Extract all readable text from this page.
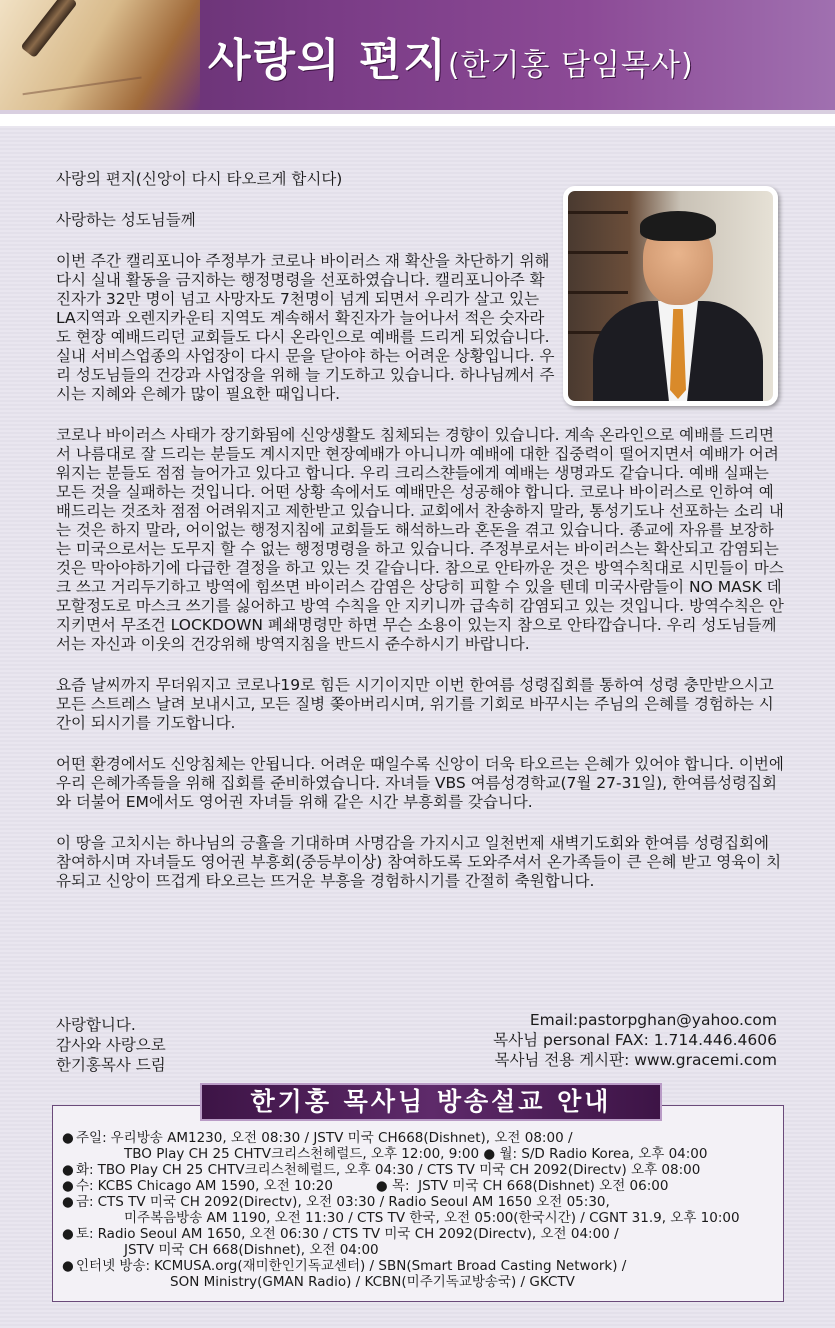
사랑의 편지(한기홍 담임목사)

사랑의 편지(신앙이 다시 타오르게 합시다)

사랑하는 성도님들께

이번 주간 캘리포니아 주정부가 코로나 바이러스 재 확산을 차단하기 위해 다시 실내 활동을 금지하는 행정명령을 선포하였습니다. 캘리포니아주 확진자가 32만 명이 넘고 사망자도 7천명이 넘게 되면서 우리가 살고 있는 LA지역과 오렌지카운티 지역도 계속해서 확진자가 늘어나서 적은 숫자라도 현장 예배드리던 교회들도 다시 온라인으로 예배를 드리게 되었습니다. 실내 서비스업종의 사업장이 다시 문을 닫아야 하는 어려운 상황입니다. 우리 성도님들의 건강과 사업장을 위해 늘 기도하고 있습니다. 하나님께서 주시는 지혜와 은혜가 많이 필요한 때입니다.

코로나 바이러스 사태가 장기화됨에 신앙생활도 침체되는 경향이 있습니다. 계속 온라인으로 예배를 드리면서 나름대로 잘 드리는 분들도 계시지만 현장예배가 아니니까 예배에 대한 집중력이 떨어지면서 예배가 어려워지는 분들도 점점 늘어가고 있다고 합니다. 우리 크리스챤들에게 예배는 생명과도 같습니다. 예배 실패는 모든 것을 실패하는 것입니다. 어떤 상황 속에서도 예배만은 성공해야 합니다. 코로나 바이러스로 인하여 예배드리는 것조차 점점 어려워지고 제한받고 있습니다. 교회에서 찬송하지 말라, 통성기도나 선포하는 소리 내는 것은 하지 말라, 어이없는 행정지침에 교회들도 해석하느라 혼돈을 겪고 있습니다. 종교에 자유를 보장하는 미국으로서는 도무지 할 수 없는 행정명령을 하고 있습니다. 주정부로서는 바이러스는 확산되고 감염되는 것은 막아야하기에 다급한 결정을 하고 있는 것 같습니다. 참으로 안타까운 것은 방역수칙대로 시민들이 마스크 쓰고 거리두기하고 방역에 힘쓰면 바이러스 감염은 상당히 피할 수 있을 텐데 미국사람들이 NO MASK 데모할정도로 마스크 쓰기를 싫어하고 방역 수칙을 안 지키니까 급속히 감염되고 있는 것입니다. 방역수칙은 안 지키면서 무조건 LOCKDOWN 폐쇄명령만 하면 무슨 소용이 있는지 참으로 안타깝습니다. 우리 성도님들께서는 자신과 이웃의 건강위해 방역지침을 반드시 준수하시기 바랍니다.

요즘 날씨까지 무더워지고 코로나19로 힘든 시기이지만 이번 한여름 성령집회를 통하여 성령 충만받으시고 모든 스트레스 날려 보내시고, 모든 질병 쫒아버리시며, 위기를 기회로 바꾸시는 주님의 은혜를 경험하는 시간이 되시기를 기도합니다.

어떤 환경에서도 신앙침체는 안됩니다. 어려운 때일수록 신앙이 더욱 타오르는 은혜가 있어야 합니다. 이번에 우리 은혜가족들을 위해 집회를 준비하였습니다. 자녀들 VBS 여름성경학교(7월 27-31일), 한여름성령집회와 더불어 EM에서도 영어권 자녀들 위해 같은 시간 부흥회를 갖습니다.

이 땅을 고치시는 하나님의 긍휼을 기대하며 사명감을 가지시고 일천번제 새벽기도회와 한여름 성령집회에 참여하시며 자녀들도 영어권 부흥회(중등부이상) 참여하도록 도와주셔서 온가족들이 큰 은혜 받고 영육이 치유되고 신앙이 뜨겁게 타오르는 뜨거운 부흥을 경험하시기를 간절히 축원합니다.

사랑합니다.
감사와 사랑으로
한기홍목사 드림
Email:pastorpghan@yahoo.com
목사님 personal FAX: 1.714.446.4606
목사님 전용 게시판: www.gracemi.com
한기홍 목사님 방송설교 안내
● 주일: 우리방송 AM1230, 오전 08:30 / JSTV 미국 CH668(Dishnet), 오전 08:00 /
TBO Play CH 25 CHTV크리스천헤럴드, 오후 12:00, 9:00 ● 월: S/D Radio Korea, 오후 04:00
● 화: TBO Play CH 25 CHTV크리스천헤럴드, 오후 04:30 / CTS TV 미국 CH 2092(Directv) 오후 08:00
● 수: KCBS Chicago AM 1590, 오전 10:20          ● 목:  JSTV 미국 CH 668(Dishnet) 오전 06:00
● 금: CTS TV 미국 CH 2092(Directv), 오전 03:30 / Radio Seoul AM 1650 오전 05:30,
미주복음방송 AM 1190, 오전 11:30 / CTS TV 한국, 오전 05:00(한국시간) / CGNT 31.9, 오후 10:00
● 토: Radio Seoul AM 1650, 오전 06:30 / CTS TV 미국 CH 2092(Directv), 오전 04:00 /
JSTV 미국 CH 668(Dishnet), 오전 04:00
● 인터넷 방송: KCMUSA.org(재미한인기독교센터) / SBN(Smart Broad Casting Network) /
SON Ministry(GMAN Radio) / KCBN(미주기독교방송국) / GKCTV
